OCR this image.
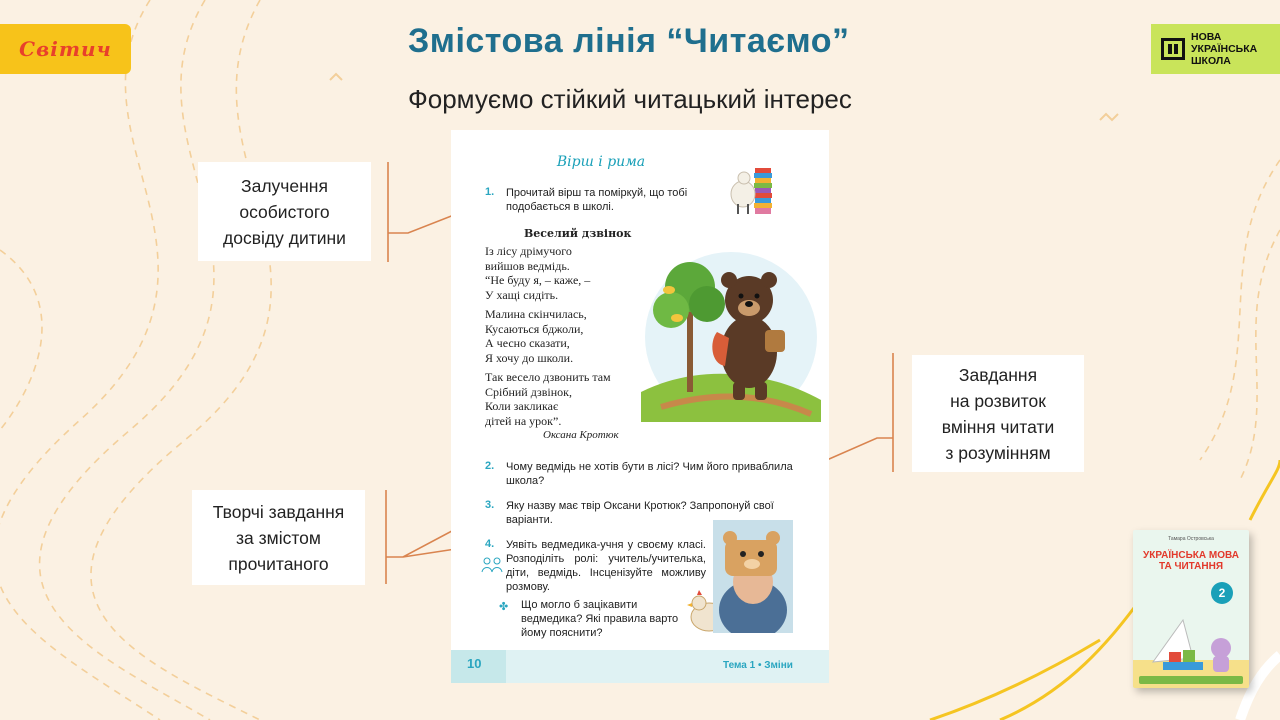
Світич	НОВА
УКРАЇНСЬКА
ШКОЛА
Змістова лінія “Читаємо”
Формуємо стійкий читацький інтерес
Залучення
особистого
досвіду дитини
Завдання
на розвиток
вміння читати
з розумінням
Творчі завдання
за змістом
прочитаного
Вірш і рима
1. Прочитай вірш та поміркуй, що тобі подобається в школі.
Веселий дзвінок
Із лісу дрімучого
вийшов ведмідь.
“Не буду я, – каже, –
У хащі сидіть.
Малина скінчилась,
Кусаються бджоли,
А чесно сказати,
Я хочу до школи.
Так весело дзвонить там
Срібний дзвінок,
Коли закликає
дітей на урок”.
Оксана Кротюк
2. Чому ведмідь не хотів бути в лісі? Чим його приваблила школа?
3. Яку назву має твір Оксани Кротюк? Запропонуй свої варіанти.
4. Уявіть ведмедика-учня у своєму класі. Розподіліть ролі: учитель/учителька, діти, ведмідь. Інсценізуйте можливу розмову.
✤ Що могло б зацікавити ведмедика? Які правила варто йому пояснити?
10	Тема 1 • Зміни
Тамара Островська
УКРАЇНСЬКА МОВА ТА ЧИТАННЯ
2
